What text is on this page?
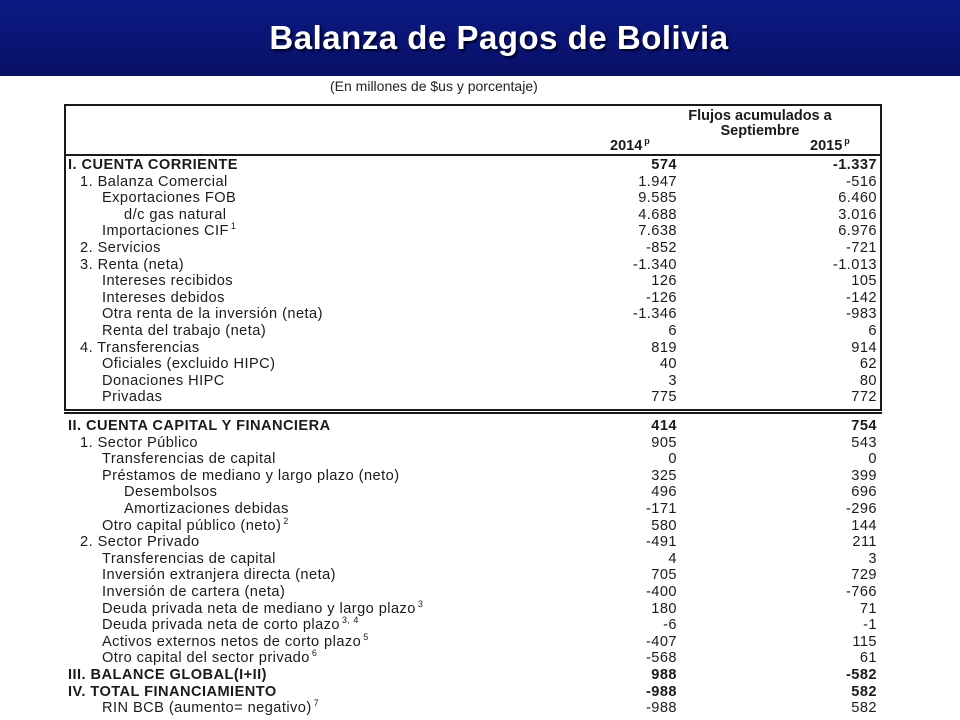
Balanza de Pagos de Bolivia
(En millones de $us y porcentaje)
Flujos acumulados a
Septiembre
2014 $^p$	2015 $^p$
I. CUENTA CORRIENTE	574	-1.337
1. Balanza Comercial	1.947	-516
Exportaciones FOB	9.585	6.460
d/c gas natural	4.688	3.016
Importaciones CIF $^1$	7.638	6.976
2. Servicios	-852	-721
3. Renta (neta)	-1.340	-1.013
Intereses recibidos	126	105
Intereses debidos	-126	-142
Otra renta de la inversión (neta)	-1.346	-983
Renta del trabajo (neta)	6	6
4. Transferencias	819	914
Oficiales (excluido HIPC)	40	62
Donaciones HIPC	3	80
Privadas	775	772
II. CUENTA CAPITAL Y FINANCIERA	414	754
1. Sector Público	905	543
Transferencias de capital	0	0
Préstamos de mediano y largo plazo (neto)	325	399
Desembolsos	496	696
Amortizaciones debidas	-171	-296
Otro capital público (neto) $^2$	580	144
2. Sector Privado	-491	211
Transferencias de capital	4	3
Inversión extranjera directa (neta)	705	729
Inversión de cartera (neta)	-400	-766
Deuda privada neta de mediano y largo plazo $^3$	180	71
Deuda privada neta de corto plazo $^{3, 4}$	-6	-1
Activos externos netos de corto plazo $^5$	-407	115
Otro capital del sector privado $^6$	-568	61
III. BALANCE GLOBAL(I+II)	988	-582
IV. TOTAL FINANCIAMIENTO	-988	582
RIN BCB (aumento= negativo) $^7$	-988	582
